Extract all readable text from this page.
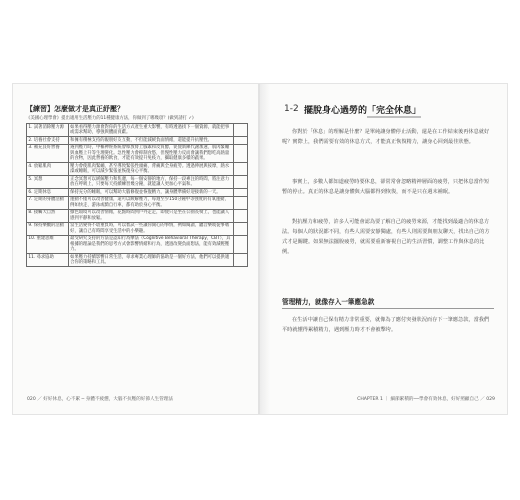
【練習】怎麼做才是真正紓壓？
《美國心理學會》提出適用生活壓力的11種健康方法，你做到了哪幾項？(做到請打 ✓)
1. 試著消除壓力源	如果看得壓力源會對你的生活方式產生重大影響，有時透過找下一個資源，就能把事或需求幫助，導強與體面貢獻。	
2. 培養社會支持	和擁有積極支持的親朋好友互動，不但能減緩負面情緒，還能提升抗壓性。	
3. 補充良好營養	遇到壓力時，中樞神經系統會釋放腎上腺素和皮質醇，促使新陳代謝加速、肌肉緊繃與血壓上升等生理變化。急性壓力會抑制食慾，但慢性壓力反而會讓我們想吃高熱量的食物，因此營養的飲食，才能有效提升免疫力，攝取健康多樣的蔬果。	
4. 放鬆肌肉	壓力會使肌肉緊繃，甚至導致緊張性頭痛，背痛與全身疲勞。透過伸展與按摩，熱水澡或睡眠，可以減少緊張並恢復身心平衡。	
5. 冥想	正念冥想可以緩解壓力和焦慮，每一個安靜的地方，保持一段專注的時間，將注意力放在呼吸上，只要每天持續練習幾分鐘，就能讓人更加心平氣和。	
6. 定期休息	保持充分的睡眠，可以幫助大腦修復並恢復精力，讓身體準備好迎接新的一天。	
7. 定期的身體活動	運動不僅可以改善健康，還可以緩解壓力，每週至少150分鐘中等強度的有氧運動，例如快走、游泳或騎自行車，都有助於身心平衡。	
8. 接觸大自然	綠色環境可以改善情緒，花點時間到戶外走走，即使只是坐在公園長椅上，也能讓人感到平靜和放鬆。	
9. 保持樂觀的活動	當生活變得不堪重負時，可以嘗試一些讓你開心的事情，例如閱讀、聽音樂或從事嗜好，讓自己有時間享受生活中的小樂趣。	
10. 重建思維	最受研究支持的方法是認知行為療法（Cognitive Behavioral Therapy，CBT），其根據的理論是我們的思考方式會影響情緒和行為，透過改變負面想法，能有效減輕壓力。	
11. 尋求協助	如果壓力持續影響日常生活，尋求專業心理師的協助是一個好方法，他們可以提供適合你的策略和工具。	
020 ／ 好好休息，心不累 ─ 身體不疲憊，大腦不抗壓的好節人生管理法
1-2 擺脫身心過勞的「完全休息」

你對於「休息」的理解是什麼？是單純讓身體停止活動，還是在工作結束後再休息就好呢？實際上，我們需要有效的休息方式，才能真正恢復精力，讓身心回到最佳狀態。

事實上，多數人都知道疲勞時要休息，卻常常會忽略精神層面的疲勞，只把休息當作短暫的停止。真正的休息是讓身體與大腦都得到恢復，而不是只在週末補眠。

對抗壓力和疲勞，許多人可能會認為要了解自己的疲勞來源，才能找到最適合的休息方法。每個人的狀況都不同，有些人需要安靜獨處，有些人則需要與朋友聊天，找出自己的方式才是關鍵。如果無法擺脫疲勞，就需要重新審視自己的生活習慣，調整工作與休息的比例。

管理精力，就像存入一筆應急款

在生活中讓自己保有精力非常重要，就像為了應付突發狀況而存下一筆應急款，當我們平時就懂得累積精力，遇到壓力時才不會被擊垮。

CHAPTER 1 ｜ 細節累積的──學會有效休息，好好照顧自己 ／ 029
